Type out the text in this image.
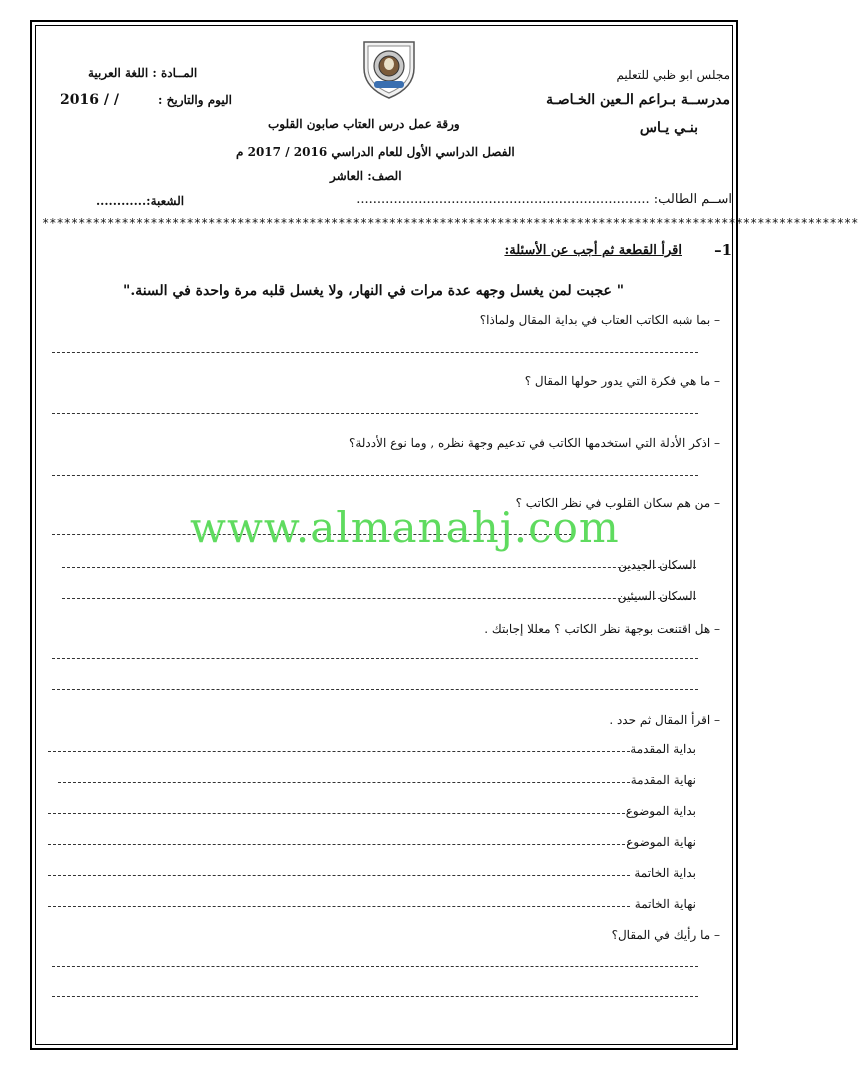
مجلس ابو ظبي للتعليم
مدرســة بـراعم الـعين الخـاصـة
بنـي يـاس
المــادة : اللغة العربية
اليوم والتاريخ :
2016 / /
ورقة عمل درس العتاب صابون القلوب
الفصل الدراسي الأول للعام الدراسي 2016 / 2017 م
الصف: العاشر
اســم الطالب: .......................................................................
الشعبة:............
*****************************************************************************************************************
1–
اقرأ القطعة ثم أجب عن الأسئلة:
" عجبت لمن يغسل وجهه عدة مرات في النهار، ولا يغسل قلبه مرة واحدة في السنة."
– بما شبه الكاتب العتاب في بداية المقال ولماذا؟
– ما هي فكرة التي يدور حولها المقال ؟
– اذكر الأدلة التي استخدمها الكاتب في تدعيم وجهة نظره , وما نوع الأددلة؟
– من هم سكان القلوب في نظر الكاتب ؟
السكان الجيدين
السكان السيئين
– هل اقتنعت بوجهة نظر الكاتب ؟ معللا إجابتك .
– اقرأ المقال ثم حدد .
بداية المقدمة
نهاية المقدمة
بداية الموضوع
نهاية الموضوع
بداية الخاتمة
نهاية الخاتمة
– ما رأيك في المقال؟
www.almanahj.com
